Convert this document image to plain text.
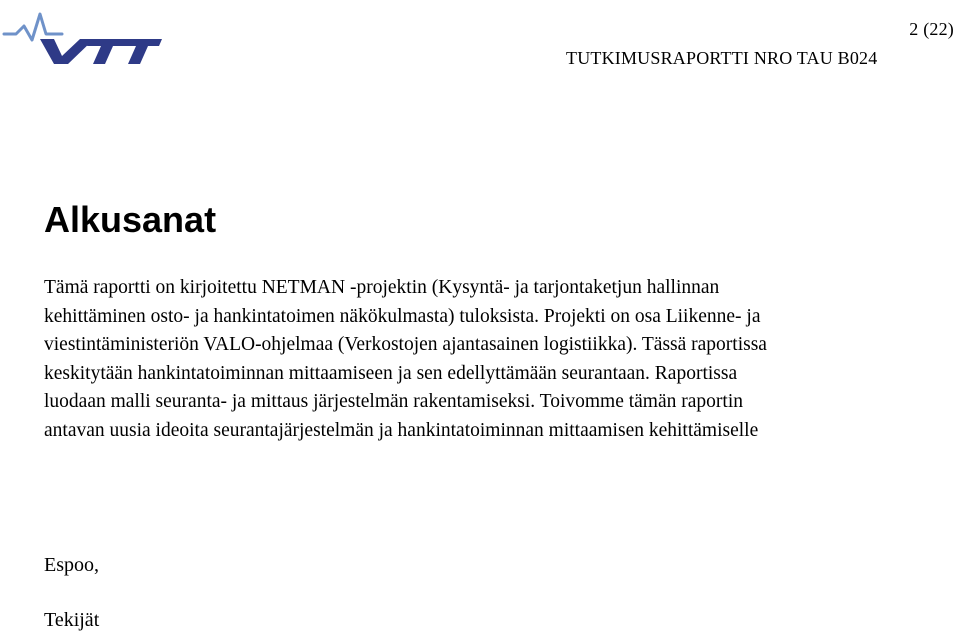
2 (22)
TUTKIMUSRAPORTTI NRO TAU B024
Alkusanat
Tämä raportti on kirjoitettu NETMAN -projektin (Kysyntä- ja tarjontaketjun hallinnan
kehittäminen osto- ja hankintatoimen näkökulmasta) tuloksista. Projekti on osa Liikenne- ja
viestintäministeriön VALO-ohjelmaa (Verkostojen ajantasainen logistiikka). Tässä raportissa
keskitytään hankintatoiminnan mittaamiseen ja sen edellyttämään seurantaan. Raportissa
luodaan malli seuranta- ja mittaus järjestelmän rakentamiseksi. Toivomme tämän raportin
antavan uusia ideoita seurantajärjestelmän ja hankintatoiminnan mittaamisen kehittämiselle
Espoo,
Tekijät
